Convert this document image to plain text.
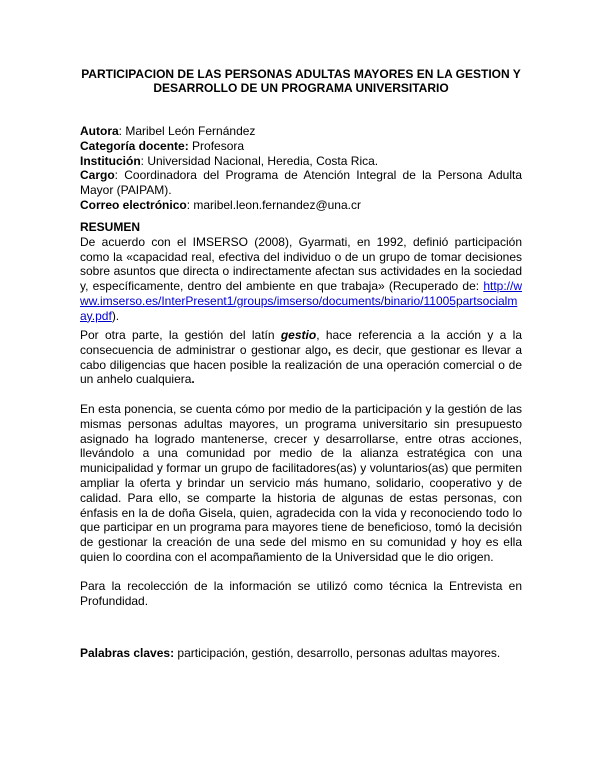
PARTICIPACION DE LAS PERSONAS ADULTAS MAYORES EN LA GESTION Y DESARROLLO DE UN PROGRAMA UNIVERSITARIO

Autora: Maribel León Fernández

Categoría docente: Profesora

Institución: Universidad Nacional, Heredia, Costa Rica.

Cargo: Coordinadora del Programa de Atención Integral de la Persona Adulta Mayor (PAIPAM).

Correo electrónico: maribel.leon.fernandez@una.cr

RESUMEN

De acuerdo con el IMSERSO (2008), Gyarmati, en 1992, definió participación como la «capacidad real, efectiva del individuo o de un grupo de tomar decisiones sobre asuntos que directa o indirectamente afectan sus actividades en la sociedad y, específicamente, dentro del ambiente en que trabaja» (Recuperado de: http://www.imserso.es/InterPresent1/groups/imserso/documents/binario/11005partsocialmay.pdf).

Por otra parte, la gestión del latín gestio, hace referencia a la acción y a la consecuencia de administrar o gestionar algo, es decir, que gestionar es llevar a cabo diligencias que hacen posible la realización de una operación comercial o de un anhelo cualquiera.

En esta ponencia, se cuenta cómo por medio de la participación y la gestión de las mismas personas adultas mayores, un programa universitario sin presupuesto asignado ha logrado mantenerse, crecer y desarrollarse, entre otras acciones, llevándolo a una comunidad por medio de la alianza estratégica con una municipalidad y formar un grupo de facilitadores(as) y voluntarios(as) que permiten ampliar la oferta y brindar un servicio más humano, solidario, cooperativo y de calidad. Para ello, se comparte la historia de algunas de estas personas, con énfasis en la de doña Gisela, quien, agradecida con la vida y reconociendo todo lo que participar en un programa para mayores tiene de beneficioso, tomó la decisión de gestionar la creación de una sede del mismo en su comunidad y hoy es ella quien lo coordina con el acompañamiento de la Universidad que le dio origen.

Para la recolección de la información se utilizó como técnica la Entrevista en Profundidad.

Palabras claves: participación, gestión, desarrollo, personas adultas mayores.
